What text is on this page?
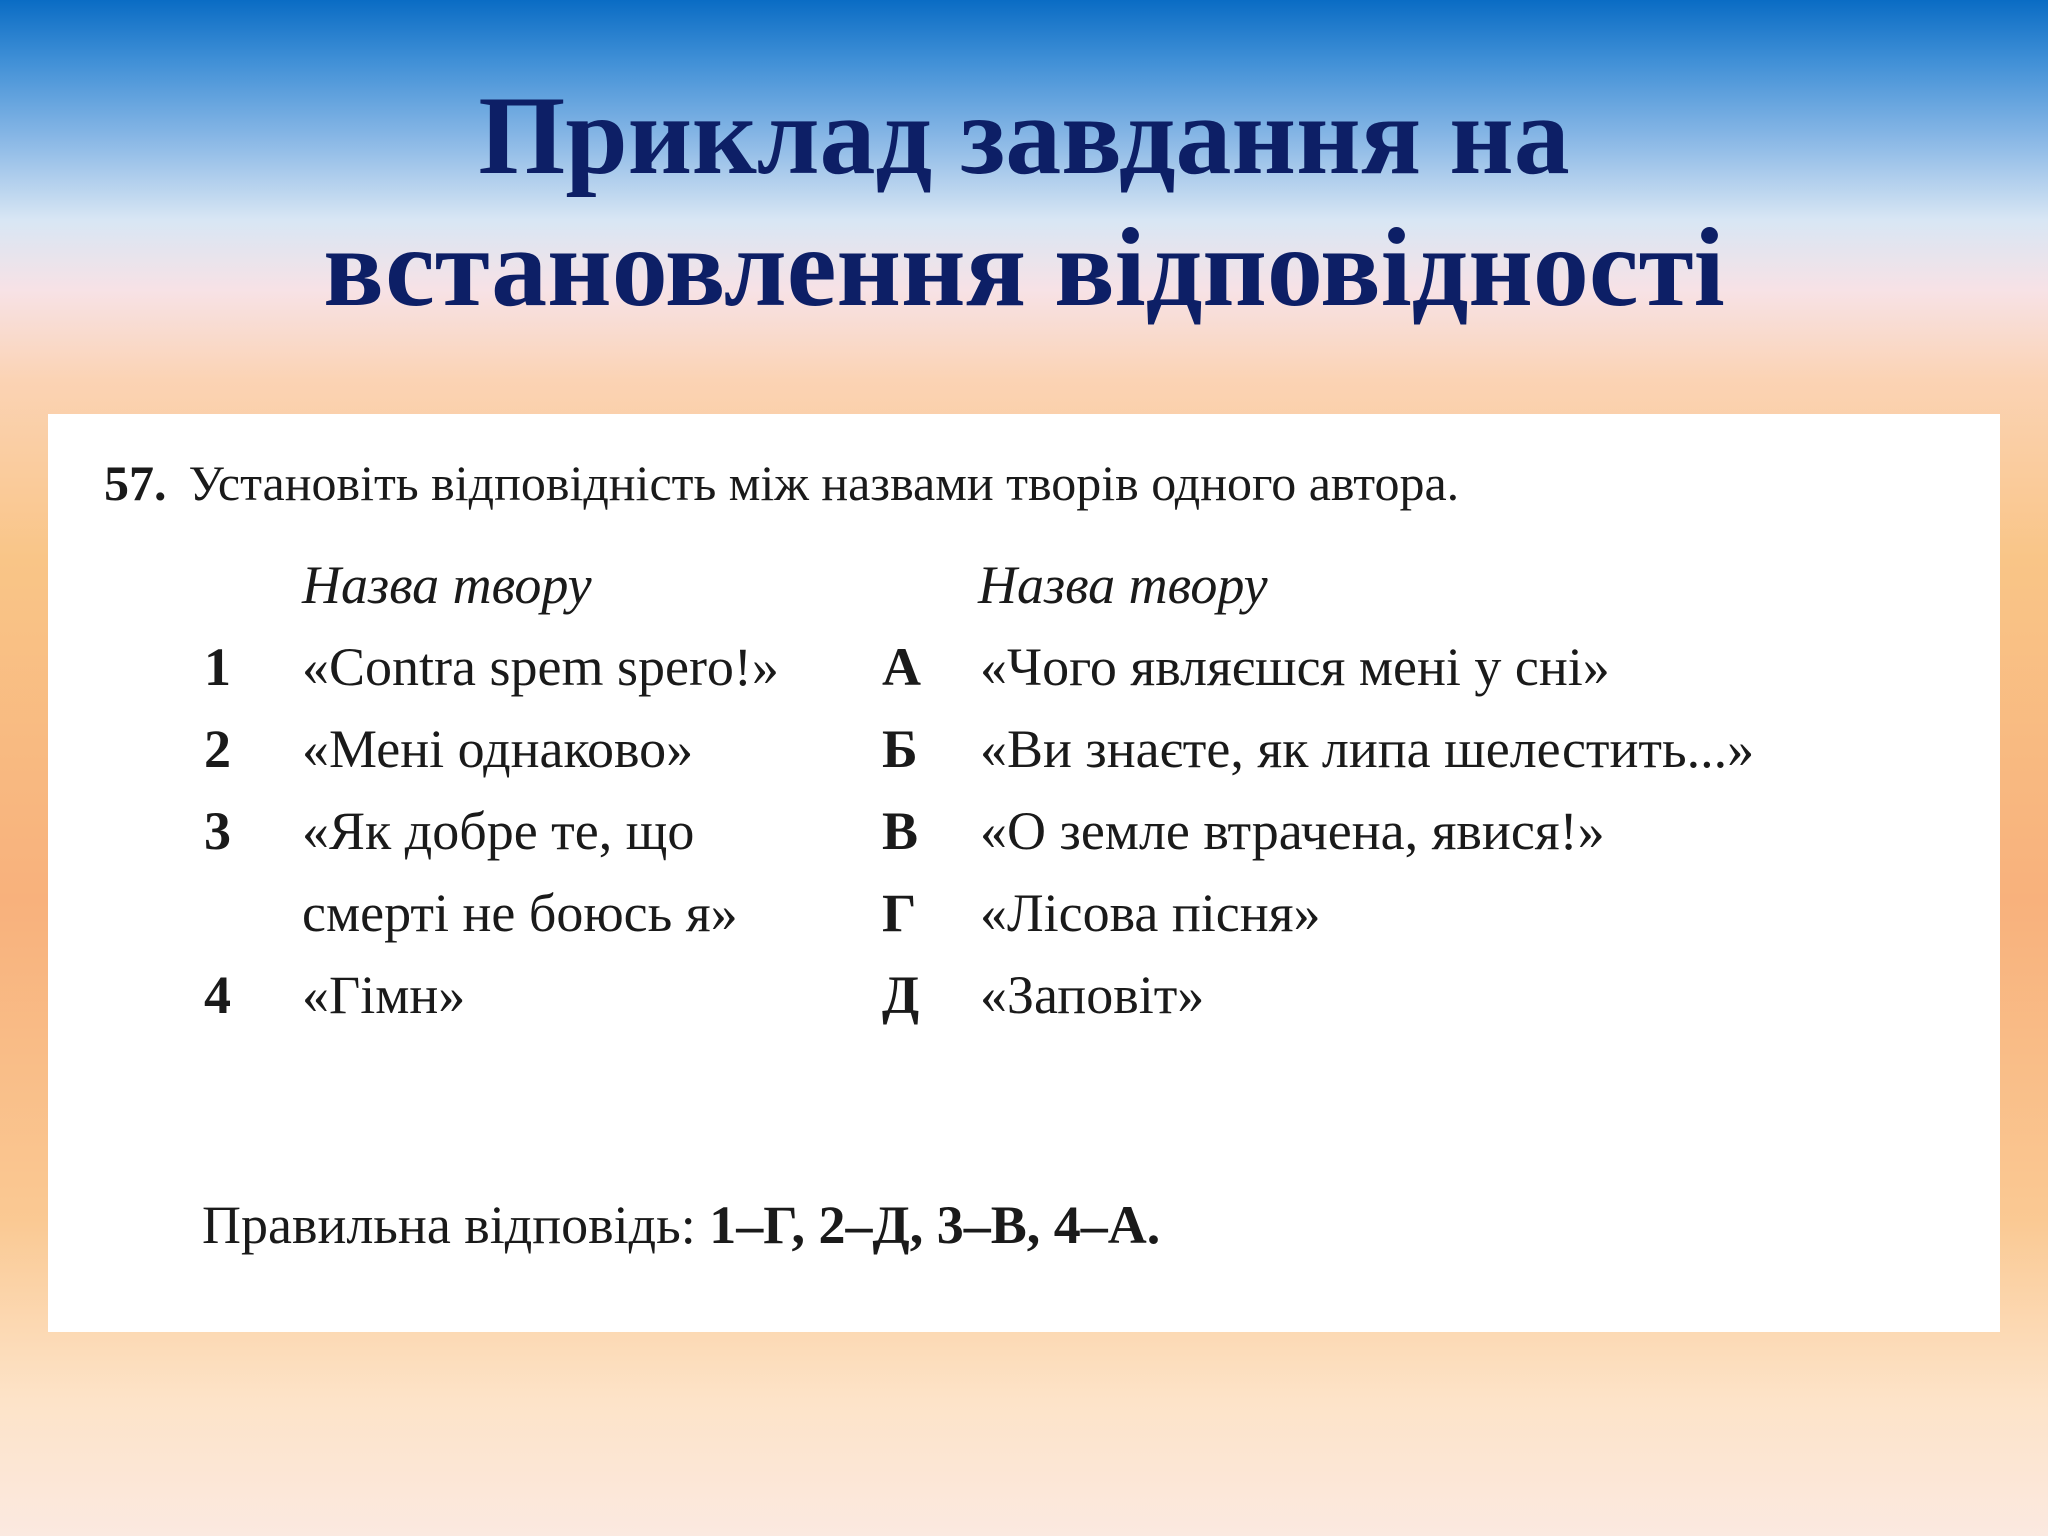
Приклад завдання на
встановлення відповідності
57. Установіть відповідність між назвами творів одного автора.
Назва твору	Назва твору
1 «Contra spem spero!»
2 «Мені однаково»
3 «Як добре те, що
смерті не боюсь я»
4 «Гімн»
А «Чого являєшся мені у сні»
Б «Ви знаєте, як липа шелестить...»
В «О земле втрачена, явися!»
Г «Лісова пісня»
Д «Заповіт»
Правильна відповідь: 1–Г, 2–Д, 3–В, 4–А.
